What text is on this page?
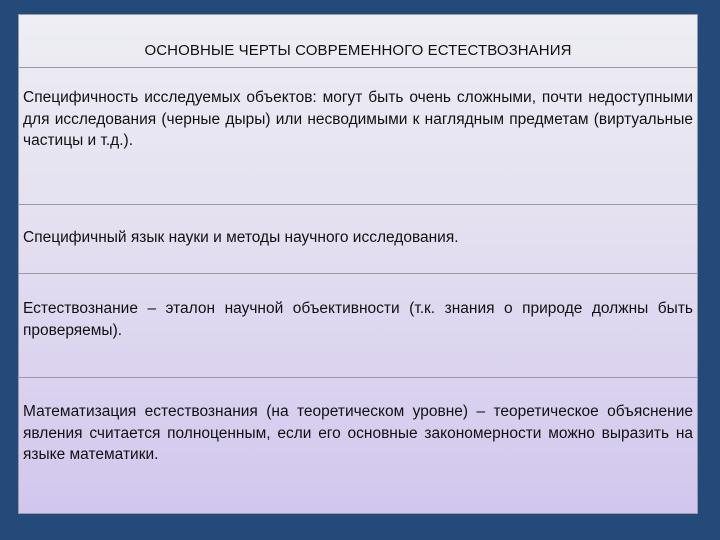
ОСНОВНЫЕ ЧЕРТЫ СОВРЕМЕННОГО ЕСТЕСТВОЗНАНИЯ
Специфичность исследуемых объектов: могут быть очень сложными, почти недоступными для исследования (черные дыры) или несводимыми к наглядным предметам (виртуальные частицы и т.д.).
Специфичный язык науки и методы научного исследования.
Естествознание – эталон научной объективности (т.к. знания о природе должны быть проверяемы).
Математизация естествознания (на теоретическом уровне) – теоретическое объяснение явления считается полноценным, если его основные закономерности можно выразить на языке математики.
